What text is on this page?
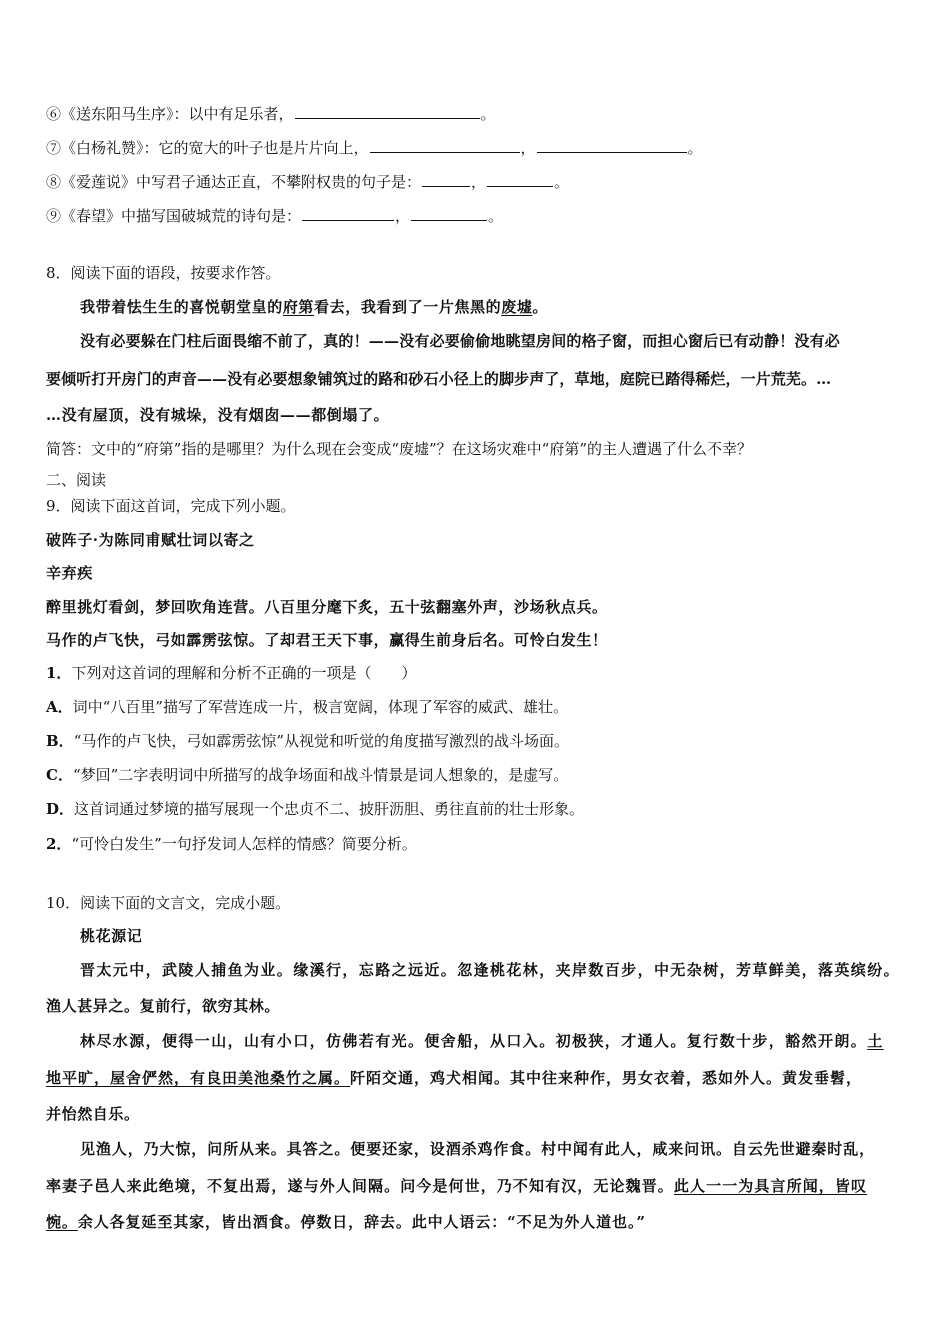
⑥《送东阳马生序》：以中有足乐者，	。
⑦《白杨礼赞》：它的宽大的叶子也是片片向上，	，	。
⑧《爱莲说》中写君子通达正直，不攀附权贵的句子是：	，	。
⑨《春望》中描写国破城荒的诗句是：	，	。
8．阅读下面的语段，按要求作答。
我带着怯生生的喜悦朝堂皇的府第看去，我看到了一片焦黑的废墟。
没有必要躲在门柱后面畏缩不前了，真的！——没有必要偷偷地眺望房间的格子窗，而担心窗后已有动静！没有必
要倾听打开房门的声音——没有必要想象铺筑过的路和砂石小径上的脚步声了，草地，庭院已踏得稀烂，一片荒芜。…
…没有屋顶，没有城垛，没有烟囱——都倒塌了。
简答：文中的“府第”指的是哪里？为什么现在会变成“废墟”？在这场灾难中“府第”的主人遭遇了什么不幸？
二、阅读
9．阅读下面这首词，完成下列小题。
破阵子·为陈同甫赋壮词以寄之
辛弃疾
醉里挑灯看剑，梦回吹角连营。八百里分麾下炙，五十弦翻塞外声，沙场秋点兵。
马作的卢飞快，弓如霹雳弦惊。了却君王天下事，赢得生前身后名。可怜白发生！
1．下列对这首词的理解和分析不正确的一项是（　　）
A．词中“八百里”描写了军营连成一片，极言宽阔，体现了军容的威武、雄壮。
B．“马作的卢飞快，弓如霹雳弦惊”从视觉和听觉的角度描写激烈的战斗场面。
C．“梦回”二字表明词中所描写的战争场面和战斗情景是词人想象的，是虚写。
D．这首词通过梦境的描写展现一个忠贞不二、披肝沥胆、勇往直前的壮士形象。
2．“可怜白发生”一句抒发词人怎样的情感？简要分析。
10．阅读下面的文言文，完成小题。
桃花源记
晋太元中，武陵人捕鱼为业。缘溪行，忘路之远近。忽逢桃花林，夹岸数百步，中无杂树，芳草鲜美，落英缤纷。
渔人甚异之。复前行，欲穷其林。
林尽水源，便得一山，山有小口，仿佛若有光。便舍船，从口入。初极狭，才通人。复行数十步，豁然开朗。土
地平旷，屋舍俨然，有良田美池桑竹之属。阡陌交通，鸡犬相闻。其中往来种作，男女衣着，悉如外人。黄发垂髫，
并怡然自乐。
见渔人，乃大惊，问所从来。具答之。便要还家，设酒杀鸡作食。村中闻有此人，咸来问讯。自云先世避秦时乱，
率妻子邑人来此绝境，不复出焉，遂与外人间隔。问今是何世，乃不知有汉，无论魏晋。此人一一为具言所闻，皆叹
惋。余人各复延至其家，皆出酒食。停数日，辞去。此中人语云：“不足为外人道也。”
